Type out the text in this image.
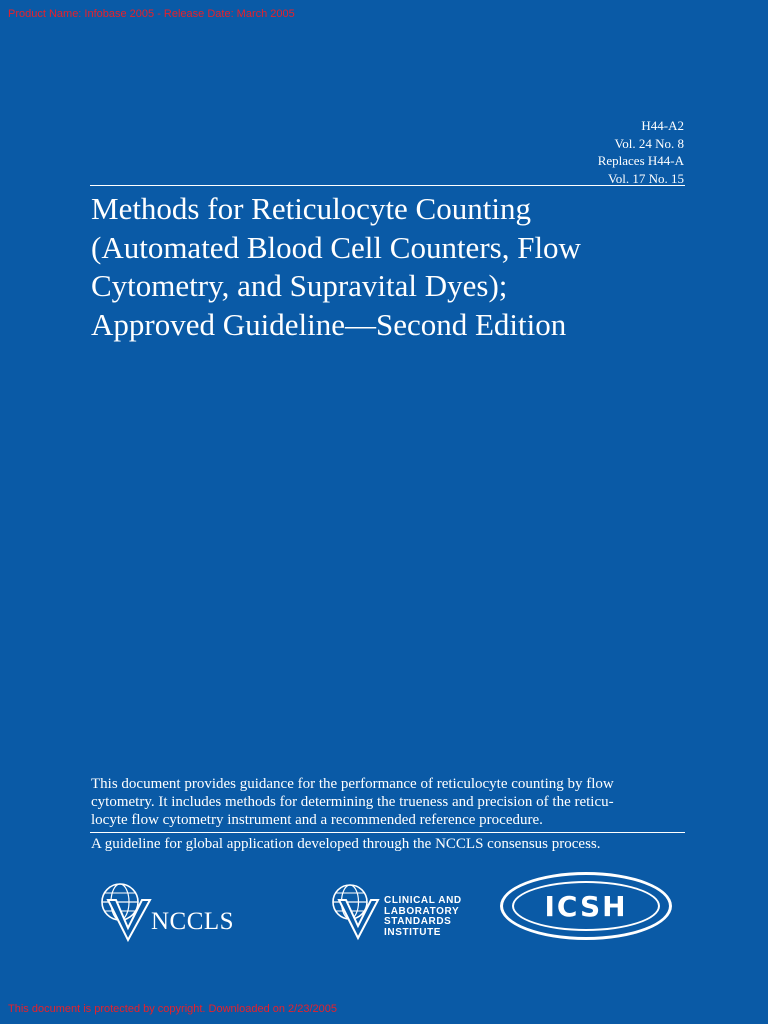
Product Name: Infobase 2005 - Release Date: March 2005
H44-A2
Vol. 24 No. 8
Replaces H44-A
Vol. 17 No. 15
Methods for Reticulocyte Counting
(Automated Blood Cell Counters, Flow
Cytometry, and Supravital Dyes);
Approved Guideline—Second Edition
This document provides guidance for the performance of reticulocyte counting by flow
cytometry. It includes methods for determining the trueness and precision of the reticu-
locyte flow cytometry instrument and a recommended reference procedure.
A guideline for global application developed through the NCCLS consensus process.
NCCLS
CLINICAL AND
LABORATORY
STANDARDS
INSTITUTE
ICSH
This document is protected by copyright. Downloaded on 2/23/2005
